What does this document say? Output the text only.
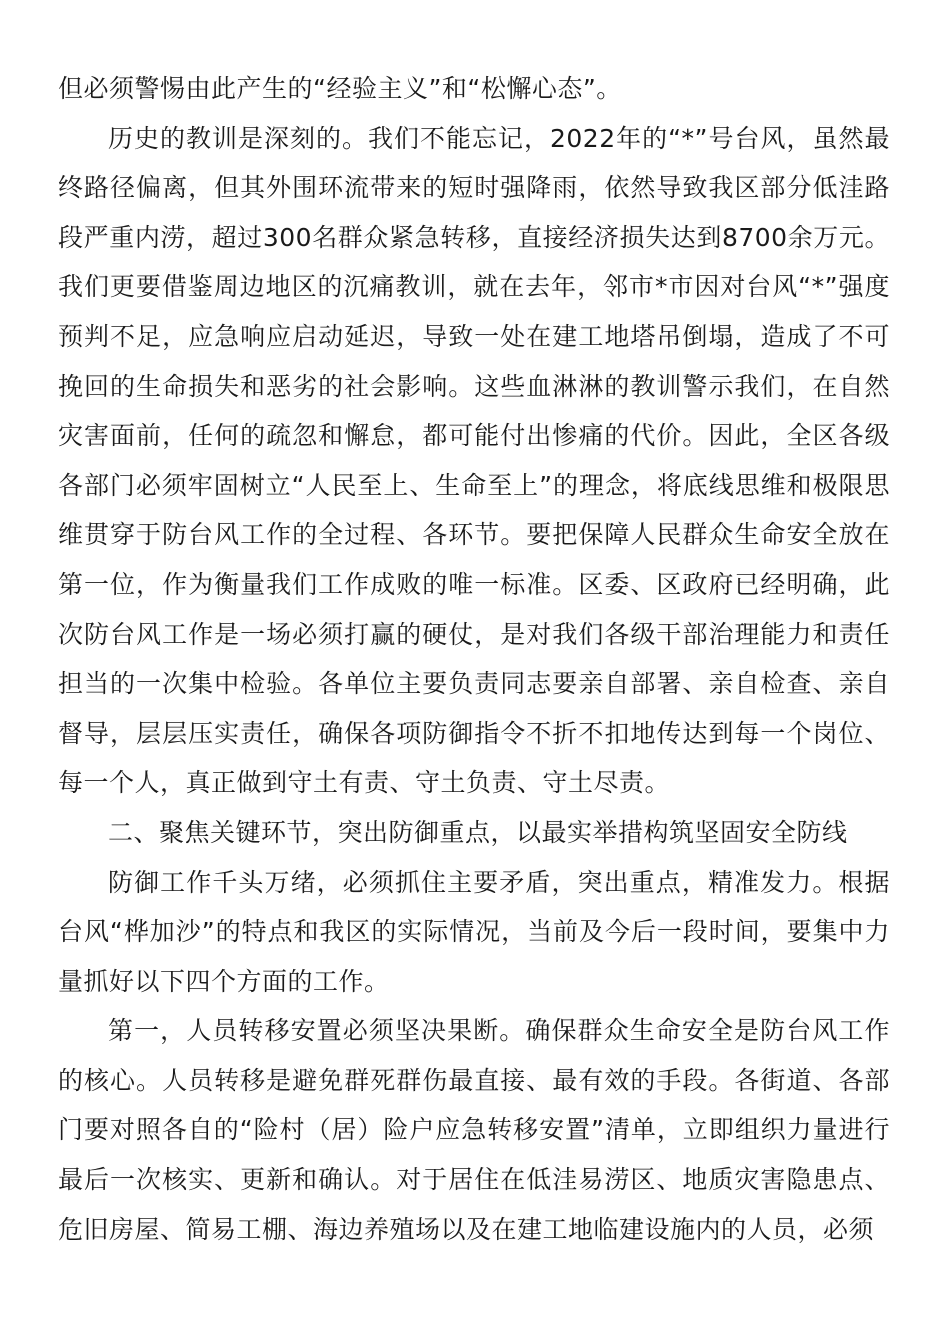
但必须警惕由此产生的“经验主义”和“松懈心态”。

历史的教训是深刻的。我们不能忘记，2022年的“*”号台风，虽然最终路径偏离，但其外围环流带来的短时强降雨，依然导致我区部分低洼路段严重内涝，超过300名群众紧急转移，直接经济损失达到8700余万元。我们更要借鉴周边地区的沉痛教训，就在去年，邻市*市因对台风“*”强度预判不足，应急响应启动延迟，导致一处在建工地塔吊倒塌，造成了不可挽回的生命损失和恶劣的社会影响。这些血淋淋的教训警示我们，在自然灾害面前，任何的疏忽和懈怠，都可能付出惨痛的代价。因此，全区各级各部门必须牢固树立“人民至上、生命至上”的理念，将底线思维和极限思维贯穿于防台风工作的全过程、各环节。要把保障人民群众生命安全放在第一位，作为衡量我们工作成败的唯一标准。区委、区政府已经明确，此次防台风工作是一场必须打赢的硬仗，是对我们各级干部治理能力和责任担当的一次集中检验。各单位主要负责同志要亲自部署、亲自检查、亲自督导，层层压实责任，确保各项防御指令不折不扣地传达到每一个岗位、每一个人，真正做到守土有责、守土负责、守土尽责。

二、聚焦关键环节，突出防御重点，以最实举措构筑坚固安全防线

防御工作千头万绪，必须抓住主要矛盾，突出重点，精准发力。根据台风“桦加沙”的特点和我区的实际情况，当前及今后一段时间，要集中力量抓好以下四个方面的工作。

第一，人员转移安置必须坚决果断。确保群众生命安全是防台风工作的核心。人员转移是避免群死群伤最直接、最有效的手段。各街道、各部门要对照各自的“险村（居）险户应急转移安置”清单，立即组织力量进行最后一次核实、更新和确认。对于居住在低洼易涝区、地质灾害隐患点、危旧房屋、简易工棚、海边养殖场以及在建工地临建设施内的人员，必须
